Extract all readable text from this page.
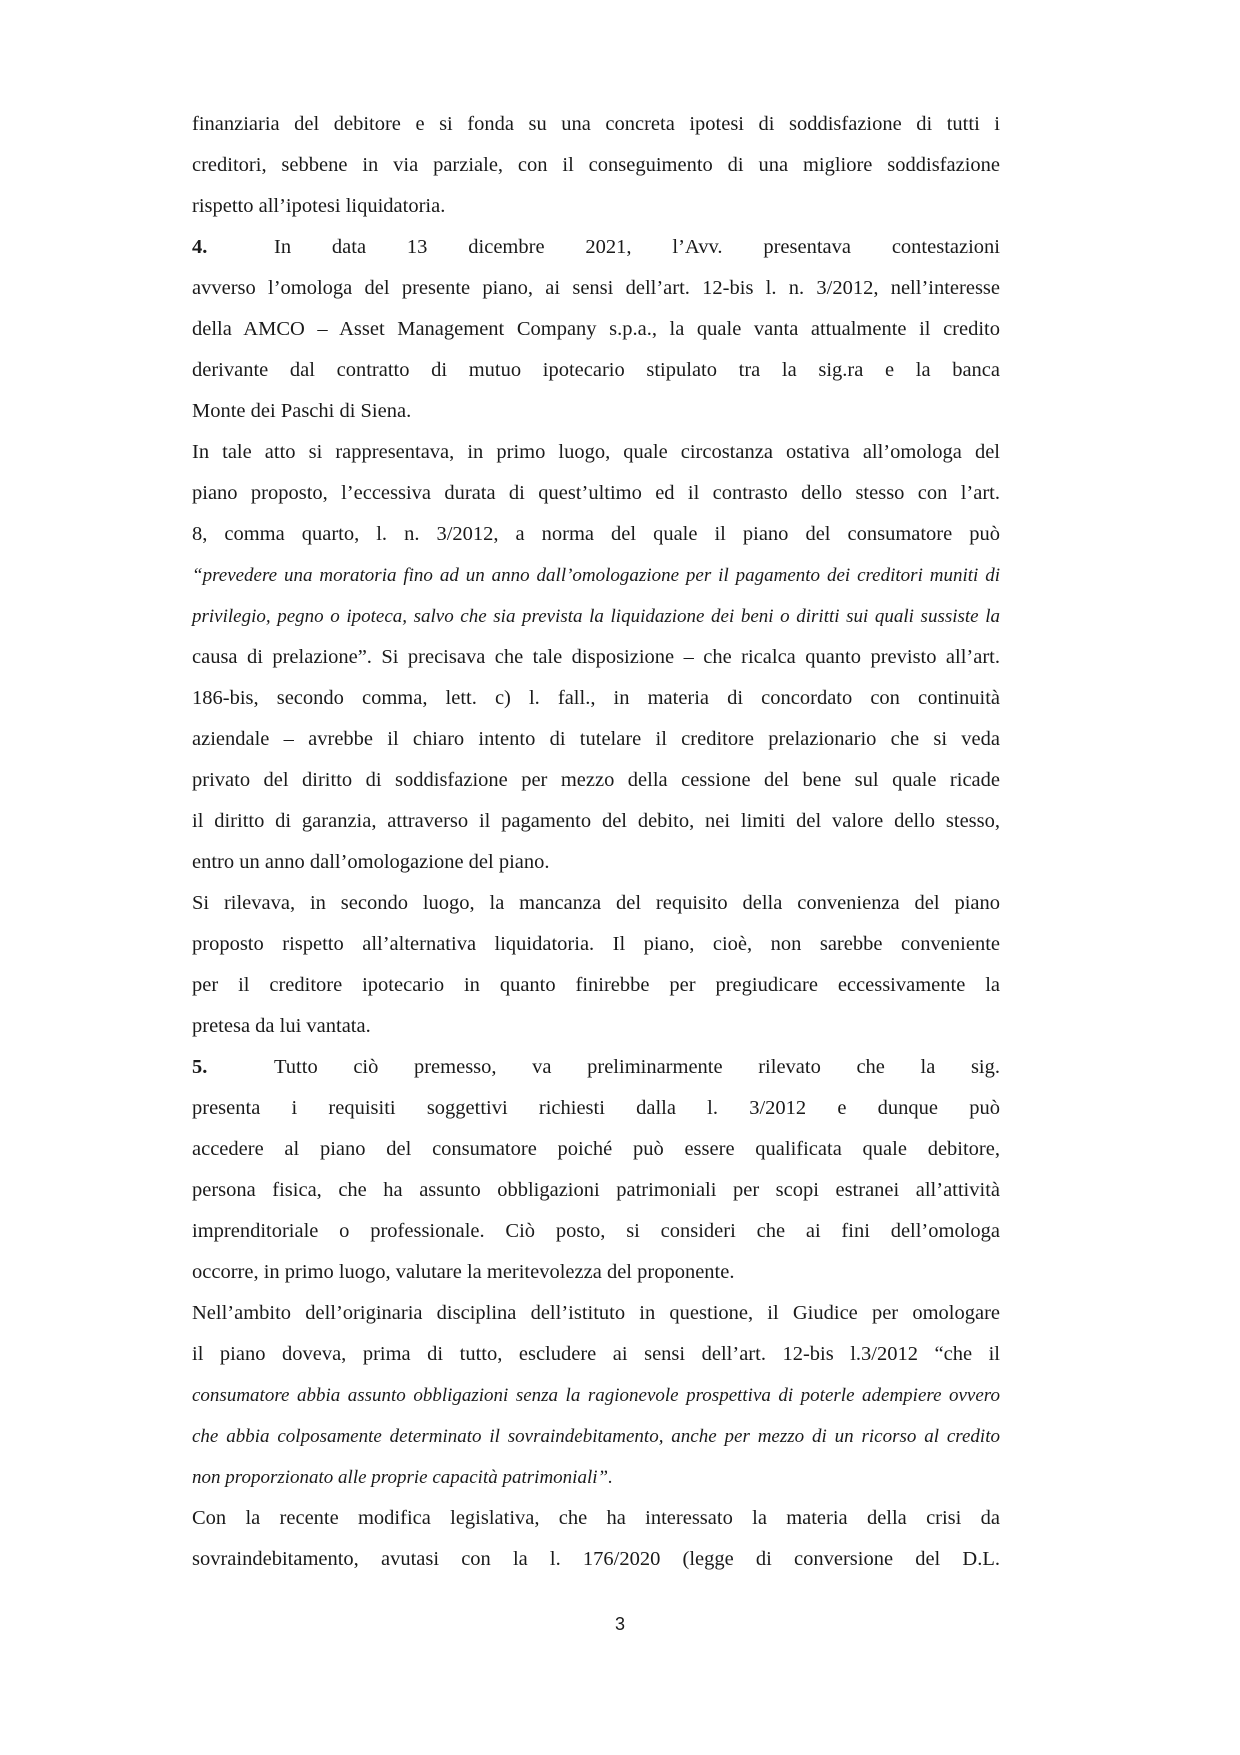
finanziaria del debitore e si fonda su una concreta ipotesi di soddisfazione di tutti i
creditori, sebbene in via parziale, con il conseguimento di una migliore soddisfazione
rispetto all’ipotesi liquidatoria.
4.	In data 13 dicembre 2021, l’Avv. presentava contestazioni
avverso l’omologa del presente piano, ai sensi dell’art. 12-bis l. n. 3/2012, nell’interesse
della AMCO – Asset Management Company s.p.a., la quale vanta attualmente il credito
derivante dal contratto di mutuo ipotecario stipulato tra la sig.ra e la banca
Monte dei Paschi di Siena.
In tale atto si rappresentava, in primo luogo, quale circostanza ostativa all’omologa del
piano proposto, l’eccessiva durata di quest’ultimo ed il contrasto dello stesso con l’art.
8, comma quarto, l. n. 3/2012, a norma del quale il piano del consumatore può
“prevedere una moratoria fino ad un anno dall’omologazione per il pagamento dei creditori muniti di
privilegio, pegno o ipoteca, salvo che sia prevista la liquidazione dei beni o diritti sui quali sussiste la
causa di prelazione”. Si precisava che tale disposizione – che ricalca quanto previsto all’art.
186-bis, secondo comma, lett. c) l. fall., in materia di concordato con continuità
aziendale – avrebbe il chiaro intento di tutelare il creditore prelazionario che si veda
privato del diritto di soddisfazione per mezzo della cessione del bene sul quale ricade
il diritto di garanzia, attraverso il pagamento del debito, nei limiti del valore dello stesso,
entro un anno dall’omologazione del piano.
Si rilevava, in secondo luogo, la mancanza del requisito della convenienza del piano
proposto rispetto all’alternativa liquidatoria. Il piano, cioè, non sarebbe conveniente
per il creditore ipotecario in quanto finirebbe per pregiudicare eccessivamente la
pretesa da lui vantata.
5.	Tutto ciò premesso, va preliminarmente rilevato che la sig.
presenta i requisiti soggettivi richiesti dalla l. 3/2012 e dunque può
accedere al piano del consumatore poiché può essere qualificata quale debitore,
persona fisica, che ha assunto obbligazioni patrimoniali per scopi estranei all’attività
imprenditoriale o professionale. Ciò posto, si consideri che ai fini dell’omologa
occorre, in primo luogo, valutare la meritevolezza del proponente.
Nell’ambito dell’originaria disciplina dell’istituto in questione, il Giudice per omologare
il piano doveva, prima di tutto, escludere ai sensi dell’art. 12-bis l.3/2012 “che il
consumatore abbia assunto obbligazioni senza la ragionevole prospettiva di poterle adempiere ovvero
che abbia colposamente determinato il sovraindebitamento, anche per mezzo di un ricorso al credito
non proporzionato alle proprie capacità patrimoniali”.
Con la recente modifica legislativa, che ha interessato la materia della crisi da
sovraindebitamento, avutasi con la l. 176/2020 (legge di conversione del D.L.
3
